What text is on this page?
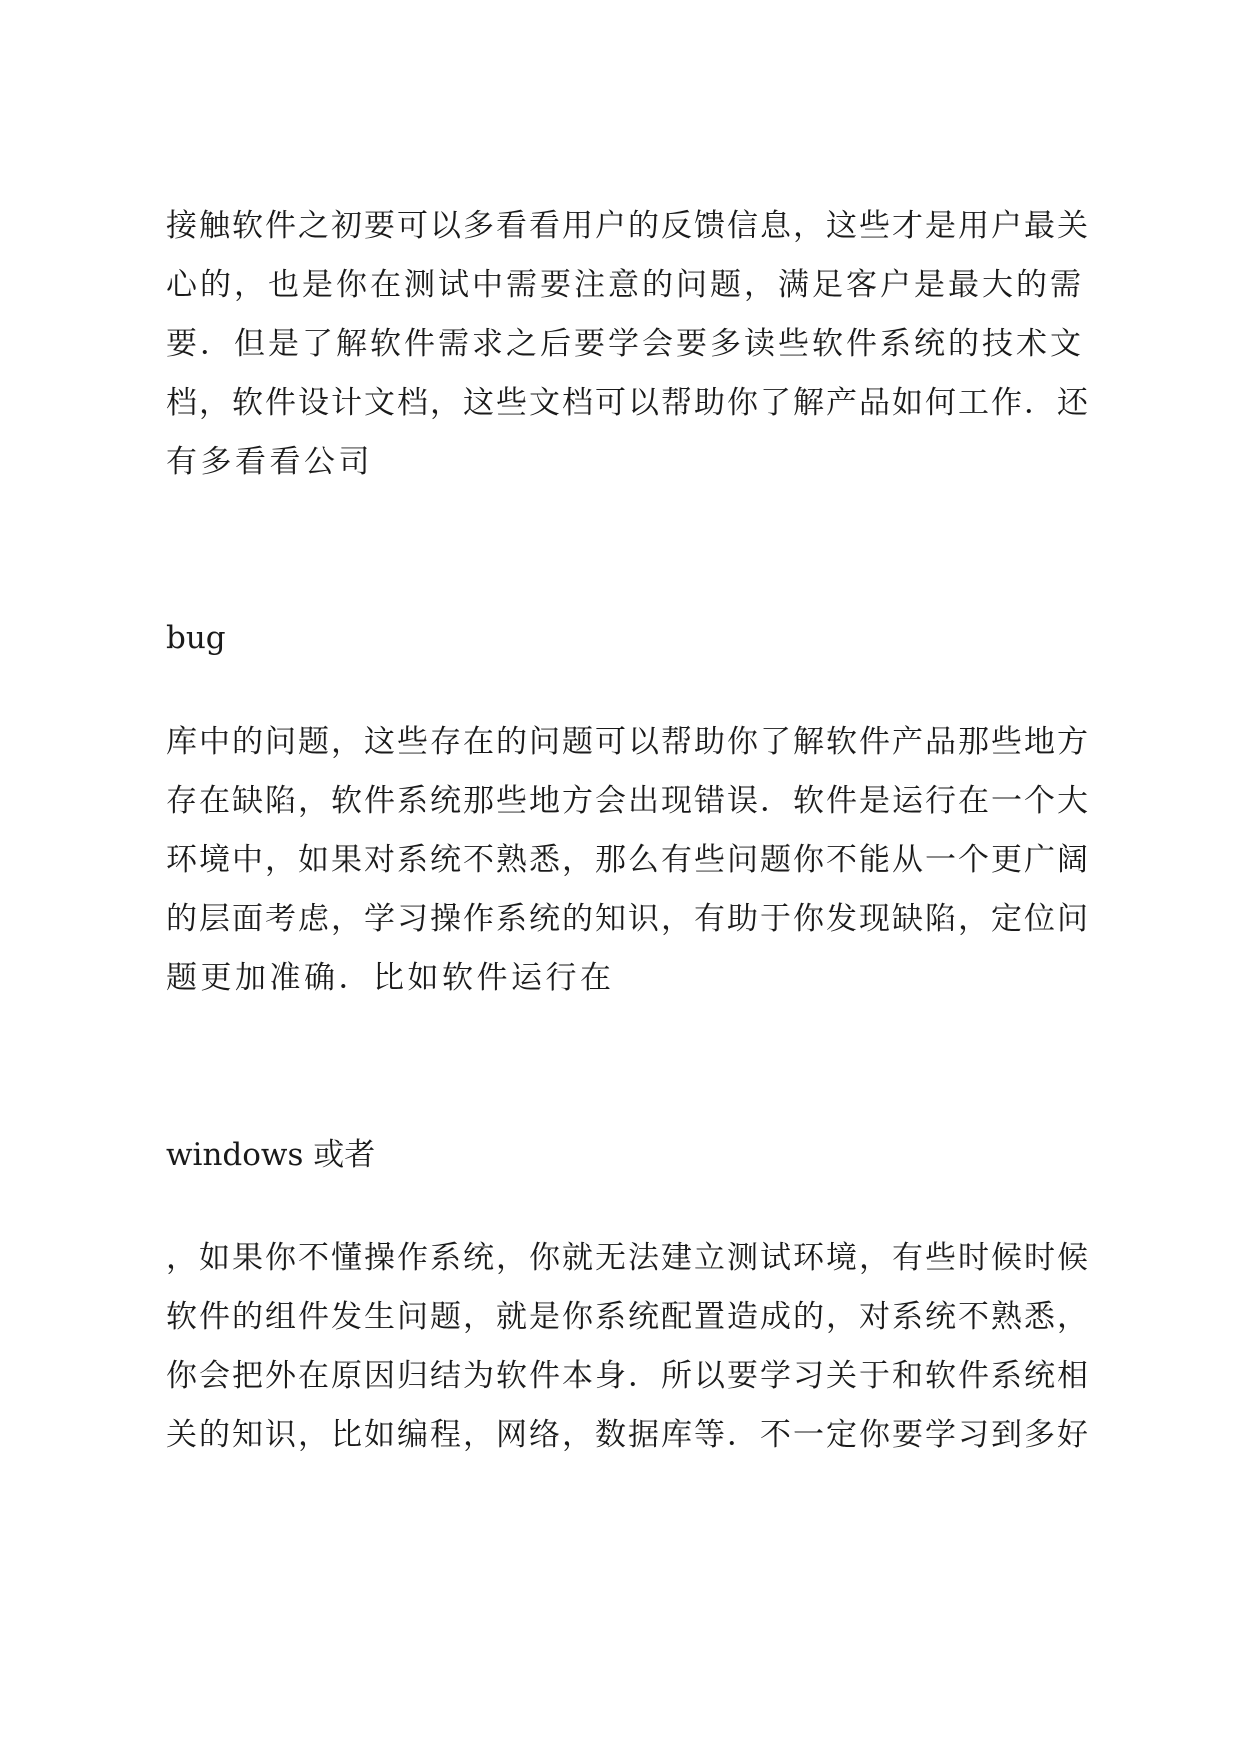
接触软件之初要可以多看看用户的反馈信息，这些才是用户最关
心的，也是你在测试中需要注意的问题，满足客户是最大的需
要．但是了解软件需求之后要学会要多读些软件系统的技术文
档，软件设计文档，这些文档可以帮助你了解产品如何工作．还
有多看看公司
bug
库中的问题，这些存在的问题可以帮助你了解软件产品那些地方
存在缺陷，软件系统那些地方会出现错误．软件是运行在一个大
环境中，如果对系统不熟悉，那么有些问题你不能从一个更广阔
的层面考虑，学习操作系统的知识，有助于你发现缺陷，定位问
题更加准确．比如软件运行在
windows 或者
，如果你不懂操作系统，你就无法建立测试环境，有些时候时候
软件的组件发生问题，就是你系统配置造成的，对系统不熟悉，
你会把外在原因归结为软件本身．所以要学习关于和软件系统相
关的知识，比如编程，网络，数据库等．不一定你要学习到多好
